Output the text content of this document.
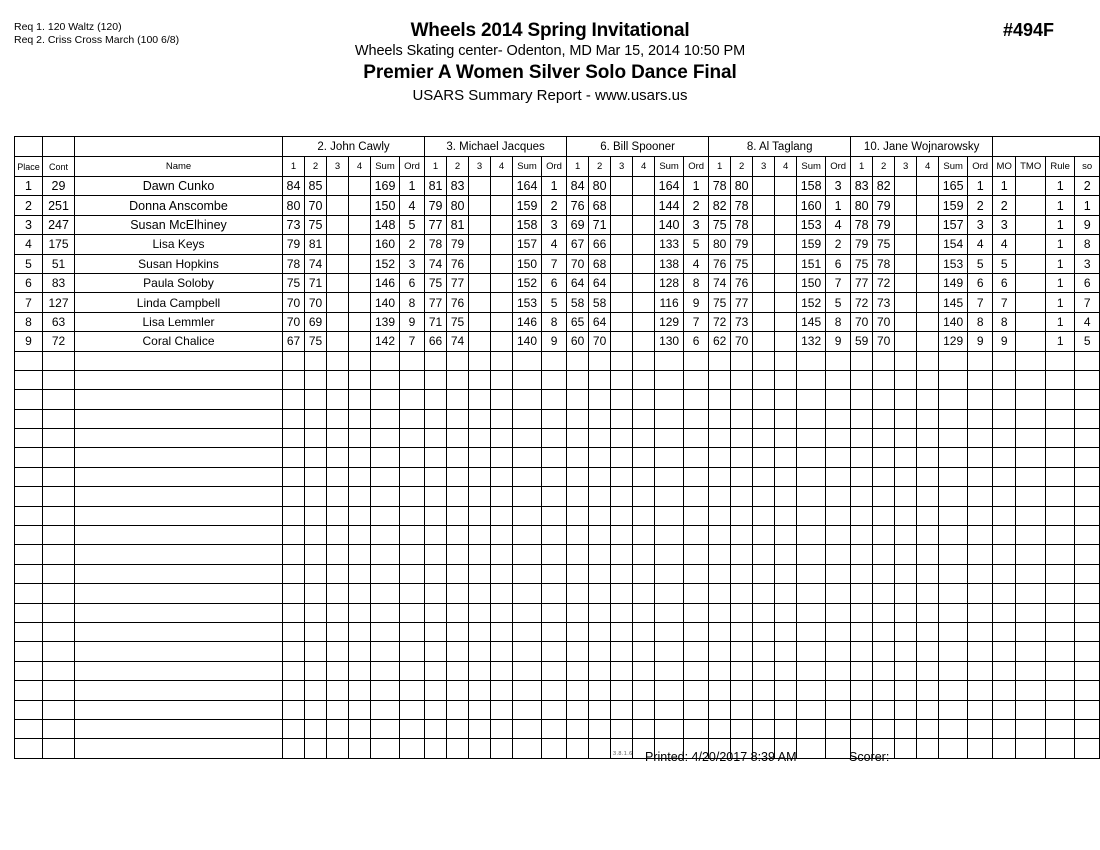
Req 1. 120 Waltz (120)
Req 2. Criss Cross March (100 6/8)	Wheels 2014 Spring Invitational
Wheels Skating center- Odenton, MD Mar 15, 2014 10:50 PM
Premier A Women Silver Solo Dance Final
USARS Summary Report - www.usars.us
#494F
			2. John Cawly						3. Michael Jacques						6. Bill Spooner						8. Al Taglang						10. Jane Wojnarowsky									
Place	Cont	Name	1	2	3	4	Sum	Ord	1	2	3	4	Sum	Ord	1	2	3	4	Sum	Ord	1	2	3	4	Sum	Ord	1	2	3	4	Sum	Ord	MO	TMO	Rule	so
1	29	Dawn Cunko	84	85			169	1	81	83			164	1	84	80			164	1	78	80			158	3	83	82			165	1	1		1	2
2	251	Donna Anscombe	80	70			150	4	79	80			159	2	76	68			144	2	82	78			160	1	80	79			159	2	2		1	1
3	247	Susan McElhiney	73	75			148	5	77	81			158	3	69	71			140	3	75	78			153	4	78	79			157	3	3		1	9
4	175	Lisa Keys	79	81			160	2	78	79			157	4	67	66			133	5	80	79			159	2	79	75			154	4	4		1	8
5	51	Susan Hopkins	78	74			152	3	74	76			150	7	70	68			138	4	76	75			151	6	75	78			153	5	5		1	3
6	83	Paula Soloby	75	71			146	6	75	77			152	6	64	64			128	8	74	76			150	7	77	72			149	6	6		1	6
7	127	Linda Campbell	70	70			140	8	77	76			153	5	58	58			116	9	75	77			152	5	72	73			145	7	7		1	7
8	63	Lisa Lemmler	70	69			139	9	71	75			146	8	65	64			129	7	72	73			145	8	70	70			140	8	8		1	4
9	72	Coral Chalice	67	75			142	7	66	74			140	9	60	70			130	6	62	70			132	9	59	70			129	9	9		1	5

3.8.1.6 Printed: 4/20/2017 8:39 AM	Scorer:
